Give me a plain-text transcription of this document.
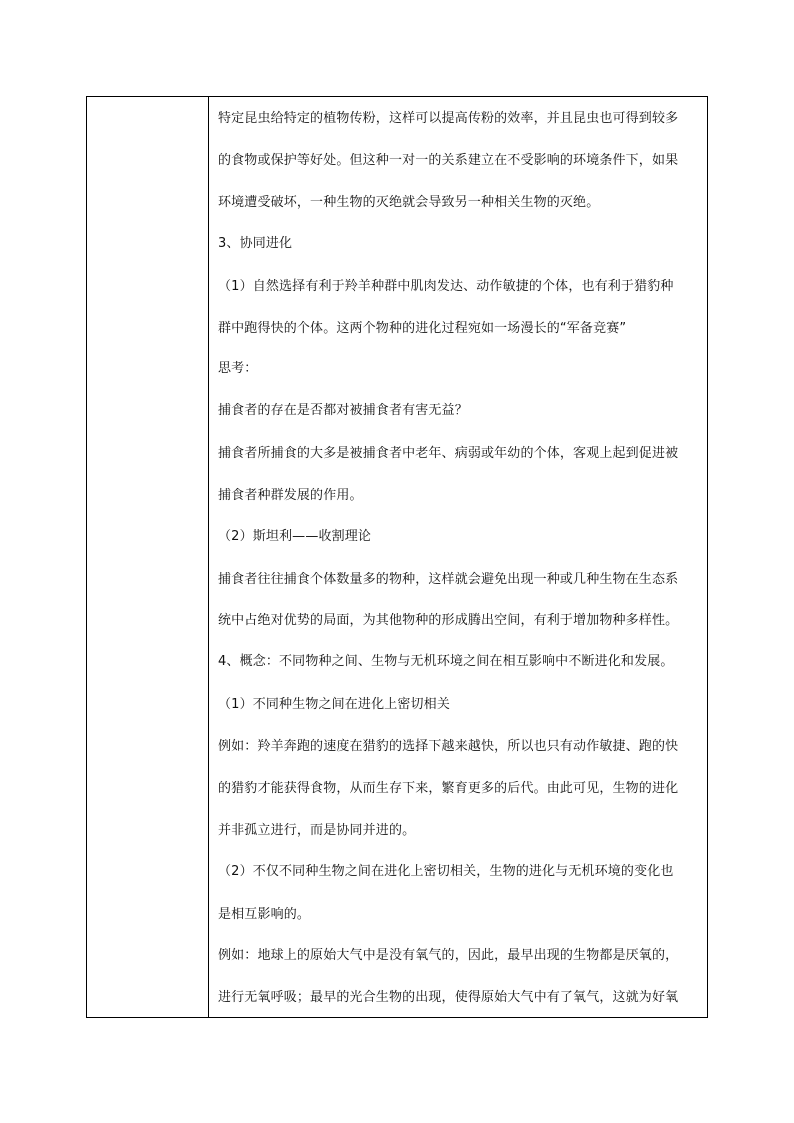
特定昆虫给特定的植物传粉，这样可以提高传粉的效率，并且昆虫也可得到较多
的食物或保护等好处。但这种一对一的关系建立在不受影响的环境条件下，如果
环境遭受破坏，一种生物的灭绝就会导致另一种相关生物的灭绝。
3、协同进化
（1）自然选择有利于羚羊种群中肌肉发达、动作敏捷的个体，也有利于猎豹种
群中跑得快的个体。这两个物种的进化过程宛如一场漫长的“军备竞赛”
思考：
捕食者的存在是否都对被捕食者有害无益？
捕食者所捕食的大多是被捕食者中老年、病弱或年幼的个体，客观上起到促进被
捕食者种群发展的作用。
（2）斯坦利——收割理论
捕食者往往捕食个体数量多的物种，这样就会避免出现一种或几种生物在生态系
统中占绝对优势的局面，为其他物种的形成腾出空间，有利于增加物种多样性。
4、概念：不同物种之间、生物与无机环境之间在相互影响中不断进化和发展。
（1）不同种生物之间在进化上密切相关
例如：羚羊奔跑的速度在猎豹的选择下越来越快，所以也只有动作敏捷、跑的快
的猎豹才能获得食物，从而生存下来，繁育更多的后代。由此可见，生物的进化
并非孤立进行，而是协同并进的。
（2）不仅不同种生物之间在进化上密切相关，生物的进化与无机环境的变化也
是相互影响的。
例如：地球上的原始大气中是没有氧气的，因此，最早出现的生物都是厌氧的，
进行无氧呼吸；最早的光合生物的出现，使得原始大气中有了氧气，这就为好氧
